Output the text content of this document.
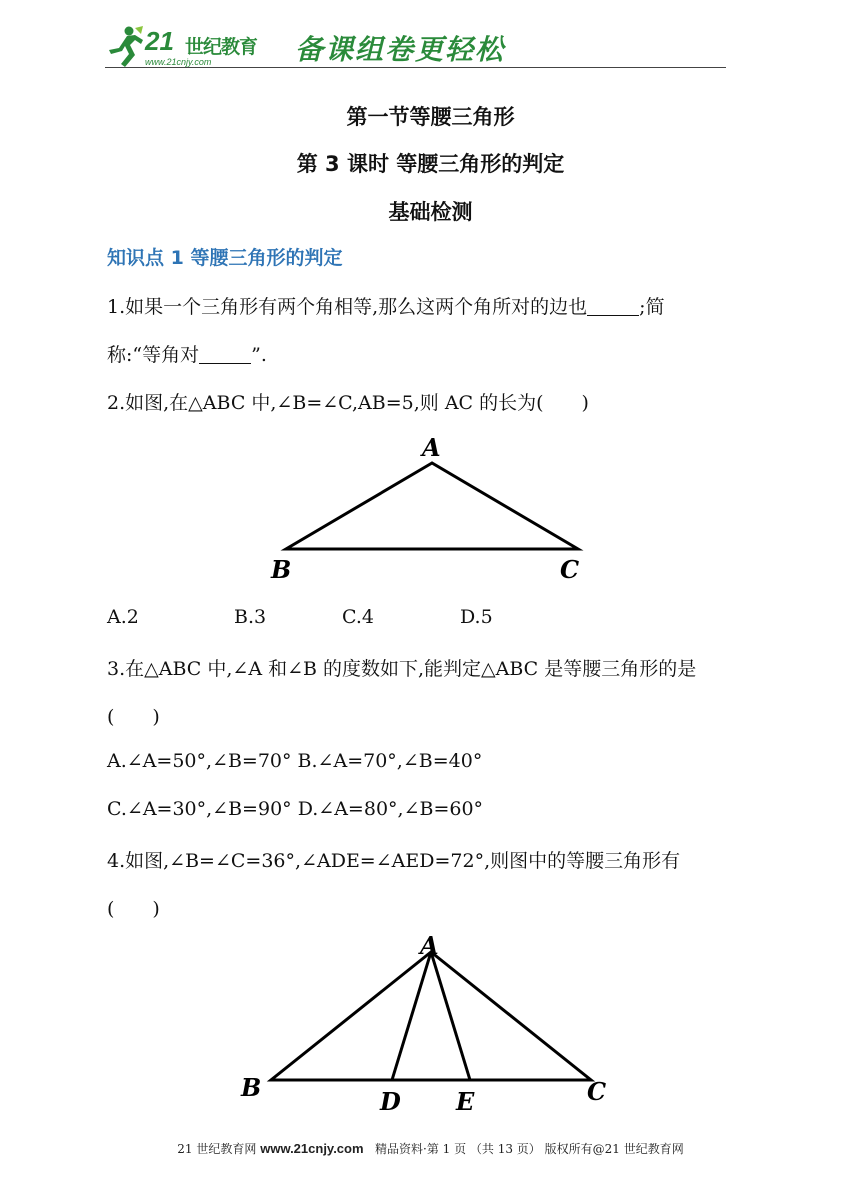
21 世纪教育
www.21cnjy.com	备课组卷更轻松
第一节等腰三角形
第 3 课时 等腰三角形的判定
基础检测
知识点 1 等腰三角形的判定
1.如果一个三角形有两个角相等,那么这两个角所对的边也	;简
称:“等角对	”.
2.如图,在△ABC 中,∠B=∠C,AB=5,则 AC 的长为(　　)
A
B	C
A.2	B.3	C.4	D.5
3.在△ABC 中,∠A 和∠B 的度数如下,能判定△ABC 是等腰三角形的是
(　　)
A.∠A=50°,∠B=70° B.∠A=70°,∠B=40°
C.∠A=30°,∠B=90° D.∠A=80°,∠B=60°
4.如图,∠B=∠C=36°,∠ADE=∠AED=72°,则图中的等腰三角形有
(　　)
A
B	C
D E
21 世纪教育网 www.21cnjy.com 精品资料·第 1 页 （共 13 页） 版权所有@21 世纪教育网
